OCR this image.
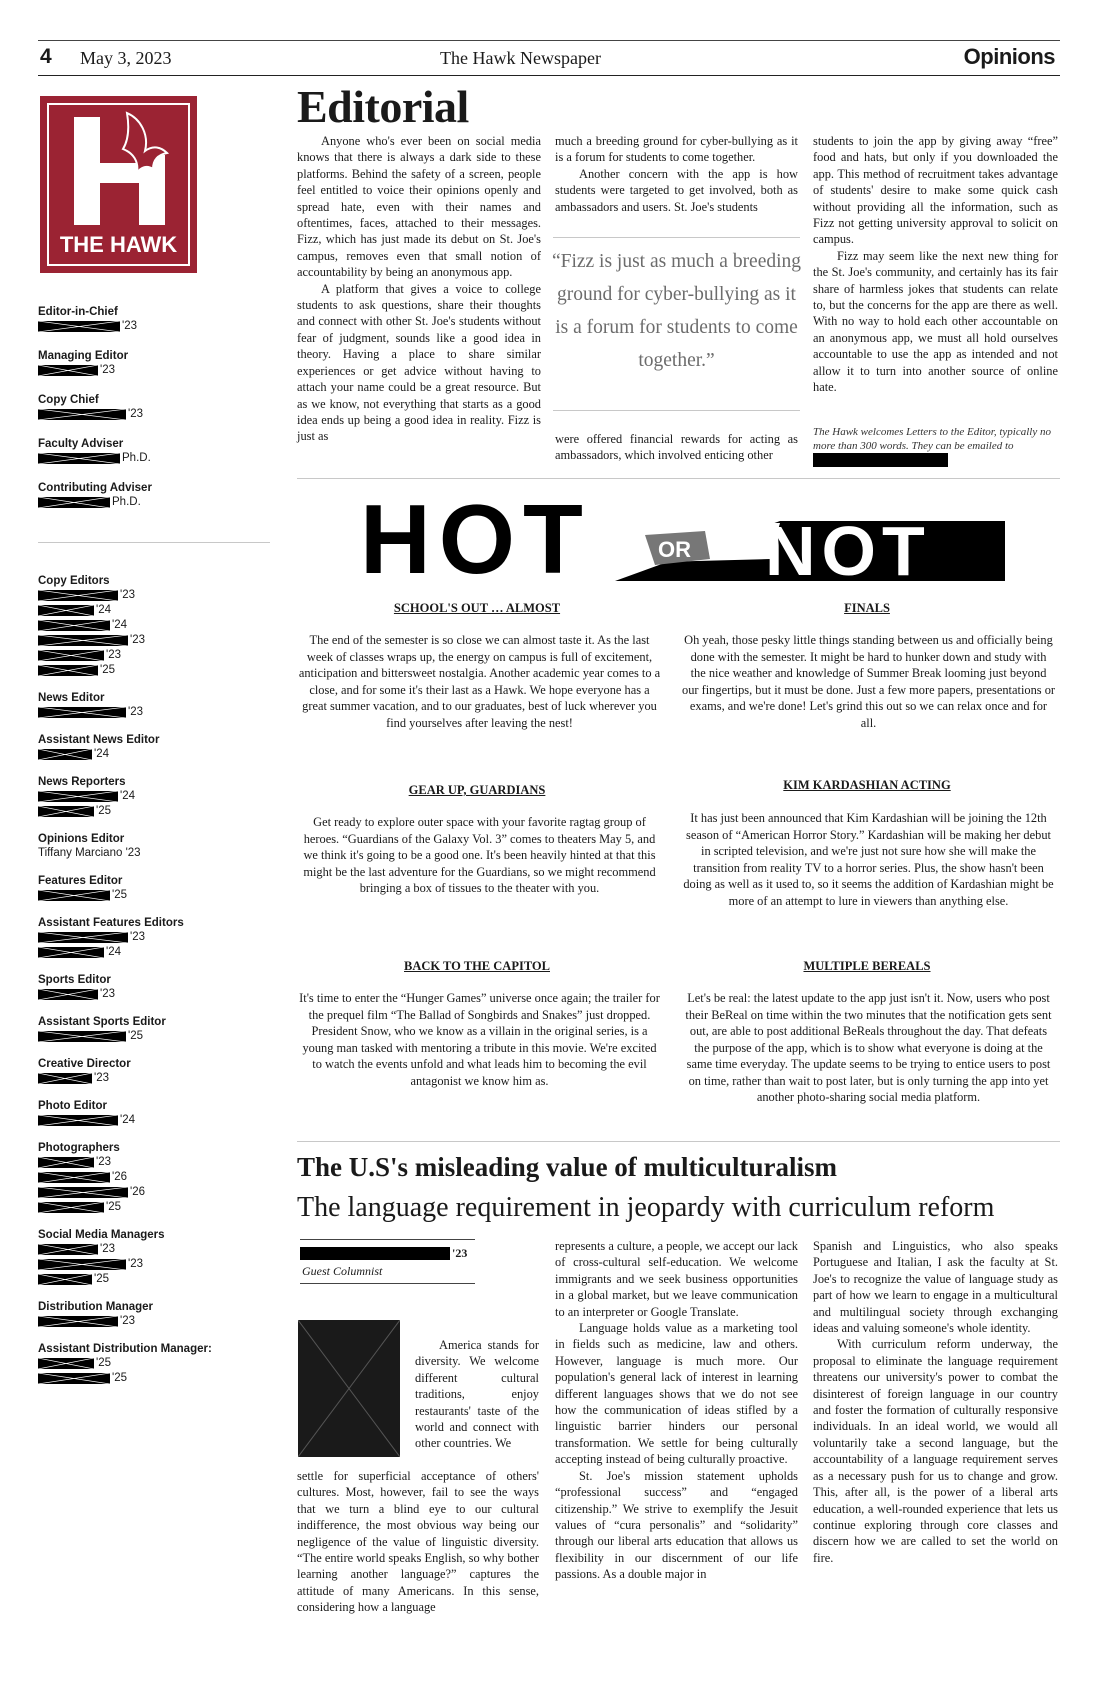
4 May 3, 2023	The Hawk Newspaper	Opinions
THE HAWK
Editor-in-Chief
'23
Managing Editor
'23
Copy Chief
'23
Faculty Adviser
Ph.D.
Contributing Adviser
Ph.D.
Copy Editors
'23
'24
'24
'23
'23
'25
News Editor
'23
Assistant News Editor
'24
News Reporters
'24
'25
Opinions Editor
Tiffany Marciano '23
Features Editor
'25
Assistant Features Editors
'23
'24
Sports Editor
'23
Assistant Sports Editor
'25
Creative Director
'23
Photo Editor
'24
Photographers
'23
'26
'26
'25
Social Media Managers
'23
'23
'25
Distribution Manager
'23
Assistant Distribution Manager:
'25
'25
Editorial

Anyone who's ever been on social media knows that there is always a dark side to these platforms. Behind the safety of a screen, people feel entitled to voice their opinions openly and spread hate, even with their names and oftentimes, faces, attached to their messages. Fizz, which has just made its debut on St. Joe's campus, removes even that small notion of accountability by being an anonymous app.

A platform that gives a voice to college students to ask questions, share their thoughts and connect with other St. Joe's students without fear of judgment, sounds like a good idea in theory. Having a place to share similar experiences or get advice without having to attach your name could be a great resource. But as we know, not everything that starts as a good idea ends up being a good idea in reality. Fizz is just as

much a breeding ground for cyber-bullying as it is a forum for students to come together.

Another concern with the app is how students were targeted to get involved, both as ambassadors and users. St. Joe's students

“Fizz is just as much a breeding ground for cyber-bullying as it is a forum for students to come together.”

were offered financial rewards for acting as ambassadors, which involved enticing other

students to join the app by giving away “free” food and hats, but only if you downloaded the app. This method of recruitment takes advantage of students' desire to make some quick cash without providing all the information, such as Fizz not getting university approval to solicit on campus.

Fizz may seem like the next new thing for the St. Joe's community, and certainly has its fair share of harmless jokes that students can relate to, but the concerns for the app are there as well. With no way to hold each other accountable on an anonymous app, we must all hold ourselves accountable to use the app as intended and not allow it to turn into another source of online hate.

The Hawk welcomes Letters to the Editor, typically no more than 300 words. They can be emailed to
HOT	OR NOT
SCHOOL'S OUT … ALMOST
The end of the semester is so close we can almost taste it. As the last week of classes wraps up, the energy on campus is full of excitement, anticipation and bittersweet nostalgia. Another academic year comes to a close, and for some it's their last as a Hawk. We hope everyone has a great summer vacation, and to our graduates, best of luck wherever you find yourselves after leaving the nest!
FINALS
Oh yeah, those pesky little things standing between us and officially being done with the semester. It might be hard to hunker down and study with the nice weather and knowledge of Summer Break looming just beyond our fingertips, but it must be done. Just a few more papers, presentations or exams, and we're done! Let's grind this out so we can relax once and for all.
GEAR UP, GUARDIANS
Get ready to explore outer space with your favorite ragtag group of heroes. “Guardians of the Galaxy Vol. 3” comes to theaters May 5, and we think it's going to be a good one. It's been heavily hinted at that this might be the last adventure for the Guardians, so we might recommend bringing a box of tissues to the theater with you.
KIM KARDASHIAN ACTING
It has just been announced that Kim Kardashian will be joining the 12th season of “American Horror Story.” Kardashian will be making her debut in scripted television, and we're just not sure how she will make the transition from reality TV to a horror series. Plus, the show hasn't been doing as well as it used to, so it seems the addition of Kardashian might be more of an attempt to lure in viewers than anything else.
BACK TO THE CAPITOL
It's time to enter the “Hunger Games” universe once again; the trailer for the prequel film “The Ballad of Songbirds and Snakes” just dropped. President Snow, who we know as a villain in the original series, is a young man tasked with mentoring a tribute in this movie. We're excited to watch the events unfold and what leads him to becoming the evil antagonist we know him as.
MULTIPLE BEREALS
Let's be real: the latest update to the app just isn't it. Now, users who post their BeReal on time within the two minutes that the notification gets sent out, are able to post additional BeReals throughout the day. That defeats the purpose of the app, which is to show what everyone is doing at the same time everyday. The update seems to be trying to entice users to post on time, rather than wait to post later, but is only turning the app into yet another photo-sharing social media platform.
The U.S's misleading value of multiculturalism
The language requirement in jeopardy with curriculum reform
'23
Guest Columnist

America stands for diversity. We welcome different cultural traditions, enjoy restaurants' taste of the world and connect with other countries. We

settle for superficial acceptance of others' cultures. Most, however, fail to see the ways that we turn a blind eye to our cultural indifference, the most obvious way being our negligence of the value of linguistic diversity. “The entire world speaks English, so why bother learning another language?” captures the attitude of many Americans. In this sense, considering how a language

represents a culture, a people, we accept our lack of cross-cultural self-education. We welcome immigrants and we seek business opportunities in a global market, but we leave communication to an interpreter or Google Translate.

Language holds value as a marketing tool in fields such as medicine, law and others. However, language is much more. Our population's general lack of interest in learning different languages shows that we do not see how the communication of ideas stifled by a linguistic barrier hinders our personal transformation. We settle for being culturally accepting instead of being culturally proactive.

St. Joe's mission statement upholds “professional success” and “engaged citizenship.” We strive to exemplify the Jesuit values of “cura personalis” and “solidarity” through our liberal arts education that allows us flexibility in our discernment of our life passions. As a double major in

Spanish and Linguistics, who also speaks Portuguese and Italian, I ask the faculty at St. Joe's to recognize the value of language study as part of how we learn to engage in a multicultural and multilingual society through exchanging ideas and valuing someone's whole identity.

With curriculum reform underway, the proposal to eliminate the language requirement threatens our university's power to combat the disinterest of foreign language in our country and foster the formation of culturally responsive individuals. In an ideal world, we would all voluntarily take a second language, but the accountability of a language requirement serves as a necessary push for us to change and grow. This, after all, is the power of a liberal arts education, a well-rounded experience that lets us continue exploring through core classes and discern how we are called to set the world on fire.
